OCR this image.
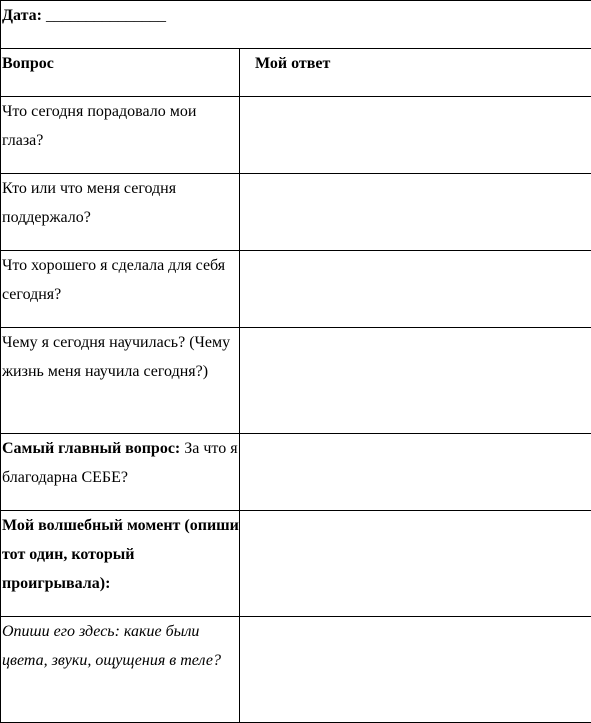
Дата: _______________	
Вопрос	Мой ответ
Что сегодня порадовало мои глаза?	
Кто или что меня сегодня поддержало?	
Что хорошего я сделала для себя сегодня?	
Чему я сегодня научилась? (Чему жизнь меня научила сегодня?)	
Самый главный вопрос: За что я благодарна СЕБЕ?	
Мой волшебный момент (опиши тот один, который проигрывала):	
Опиши его здесь: какие были цвета, звуки, ощущения в теле?	
